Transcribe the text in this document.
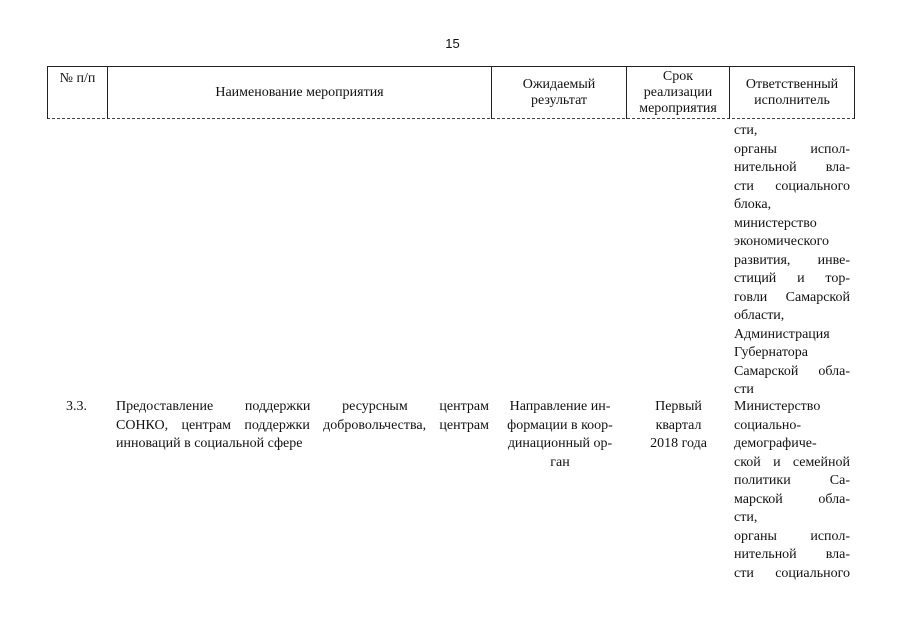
15
№ п/п
Наименование мероприятия
Ожидаемый
результат
Срок
реализации
мероприятия
Ответственный
исполнитель
сти,
органы испол-
нительной вла-
сти социального
блока,
министерство
экономического
развития, инве-
стиций и тор-
говли Самарской
области,
Администрация
Губернатора
Самарской обла-
сти
3.3. Предоставление поддержки ресурсным центрам
СОНКО, центрам поддержки добровольчества, центрам
инноваций в социальной сфере
Направление ин-
формации в коор-
динационный ор-
ган
Первый
квартал
2018 года
Министерство
социально-
демографиче-
ской и семейной
политики Са-
марской обла-
сти,
органы испол-
нительной вла-
сти социального
